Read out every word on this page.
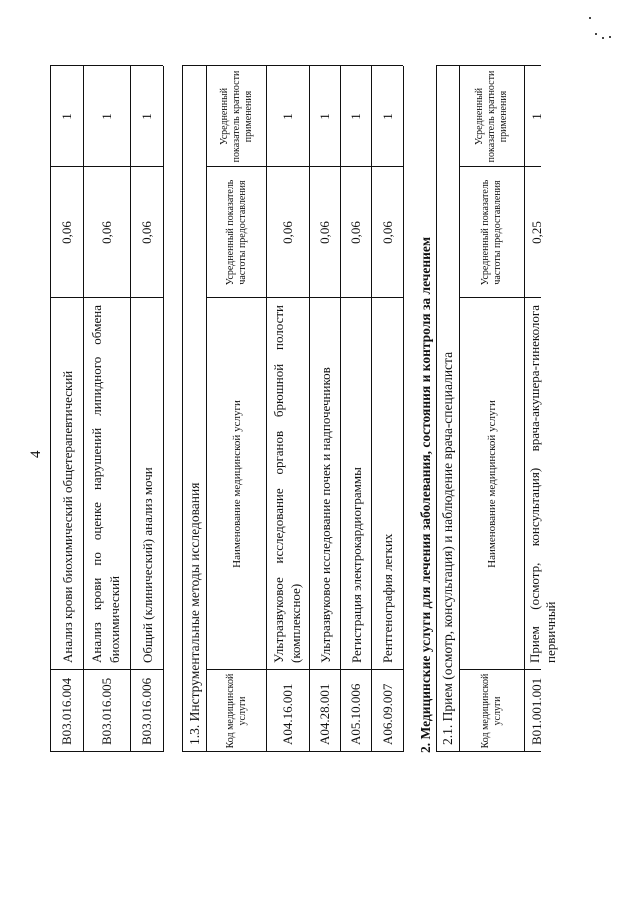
4
B03.016.004
Анализ крови биохимический общетерапевтический
0,06
1
B03.016.005
Анализ крови по оценке нарушений липидного обмена биохимический
0,06
1
B03.016.006
Общий (клинический) анализ мочи
0,06
1
1.3. Инструментальные методы исследования	Код медицинской услуги
Наименование медицинской услуги
Усредненный показатель частоты предоставления
Усредненный показатель кратности применения
A04.16.001
Ультразвуковое исследование органов брюшной полости (комплексное)
0,06
1
A04.28.001
Ультразвуковое исследование почек и надпочечников
0,06
1
A05.10.006
Регистрация электрокардиограммы
0,06
1
A06.09.007
Рентгенография легких
0,06
1
2. Медицинские услуги для лечения заболевания, состояния и контроля за лечением 2.1. Прием (осмотр, консультация) и наблюдение врача-специалиста	Код медицинской услуги
Наименование медицинской услуги
Усредненный показатель частоты предоставления
Усредненный показатель кратности применения
B01.001.001
Прием (осмотр, консультация) врача-акушера-гинеколога первичный
0,25
1
